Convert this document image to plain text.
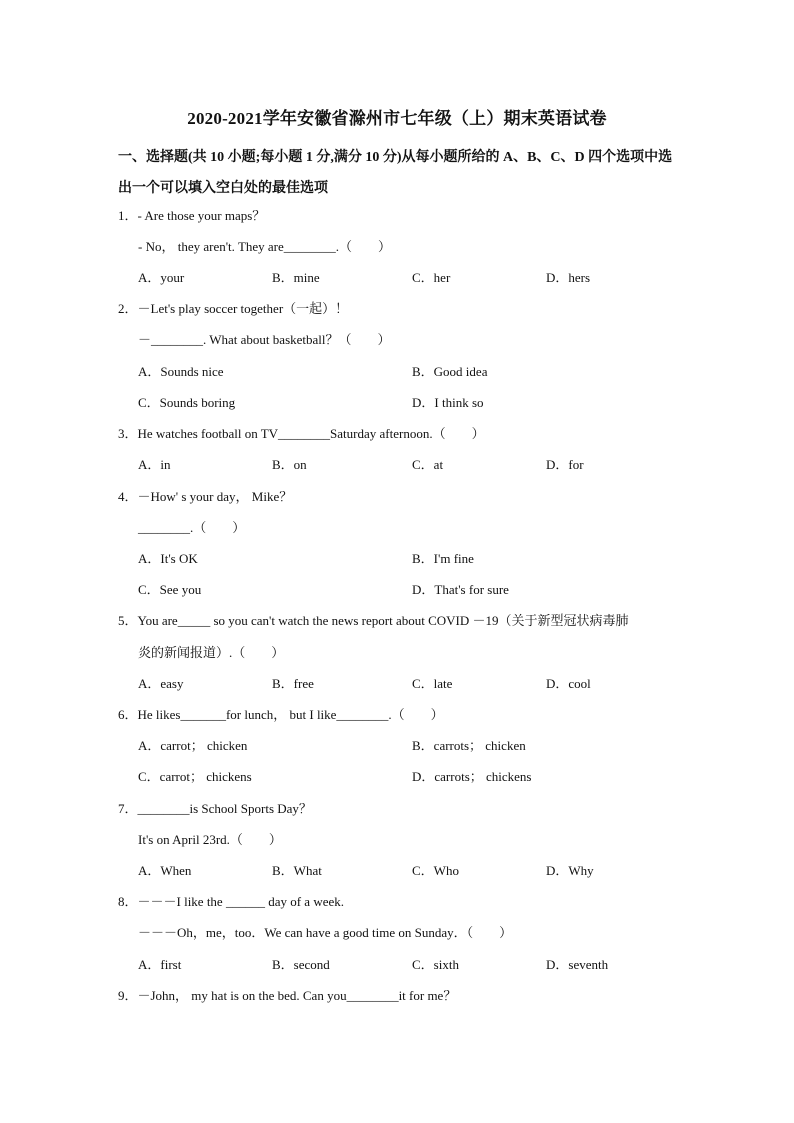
2020-2021学年安徽省滁州市七年级（上）期末英语试卷
一、选择题(共 10 小题;每小题 1 分,满分 10 分)从每小题所给的 A、B、C、D 四个选项中选
出一个可以填入空白处的最佳选项
1．- Are those your maps？
- No， they aren't. They are________.（　　）
A．your	B．mine	C．her	D．hers
2．－Let's play soccer together（一起）！
－________. What about basketball？（　　）
A．Sounds nice	B．Good idea
C．Sounds boring	D．I think so
3．He watches football on TV________Saturday afternoon.（　　）
A．in	B．on	C．at	D．for
4．－How' s your day， Mike？
________.（　　）
A．It's OK	B．I'm fine
C．See you	D．That's for sure
5．You are_____ so you can't watch the news report about COVID －19（关于新型冠状病毒肺
炎的新闻报道）.（　　）
A．easy	B．free	C．late	D．cool
6．He likes_______for lunch， but I like________.（　　）
A．carrot； chicken	B．carrots； chicken
C．carrot； chickens	D．carrots； chickens
7．________is School Sports Day？
It's on April 23rd.（　　）
A．When	B．What	C．Who	D．Why
8．－－－I like the ______ day of a week.
－－－Oh，me，too．We can have a good time on Sunday．（　　）
A．first	B．second	C．sixth	D．seventh
9．－John， my hat is on the bed. Can you________it for me？
